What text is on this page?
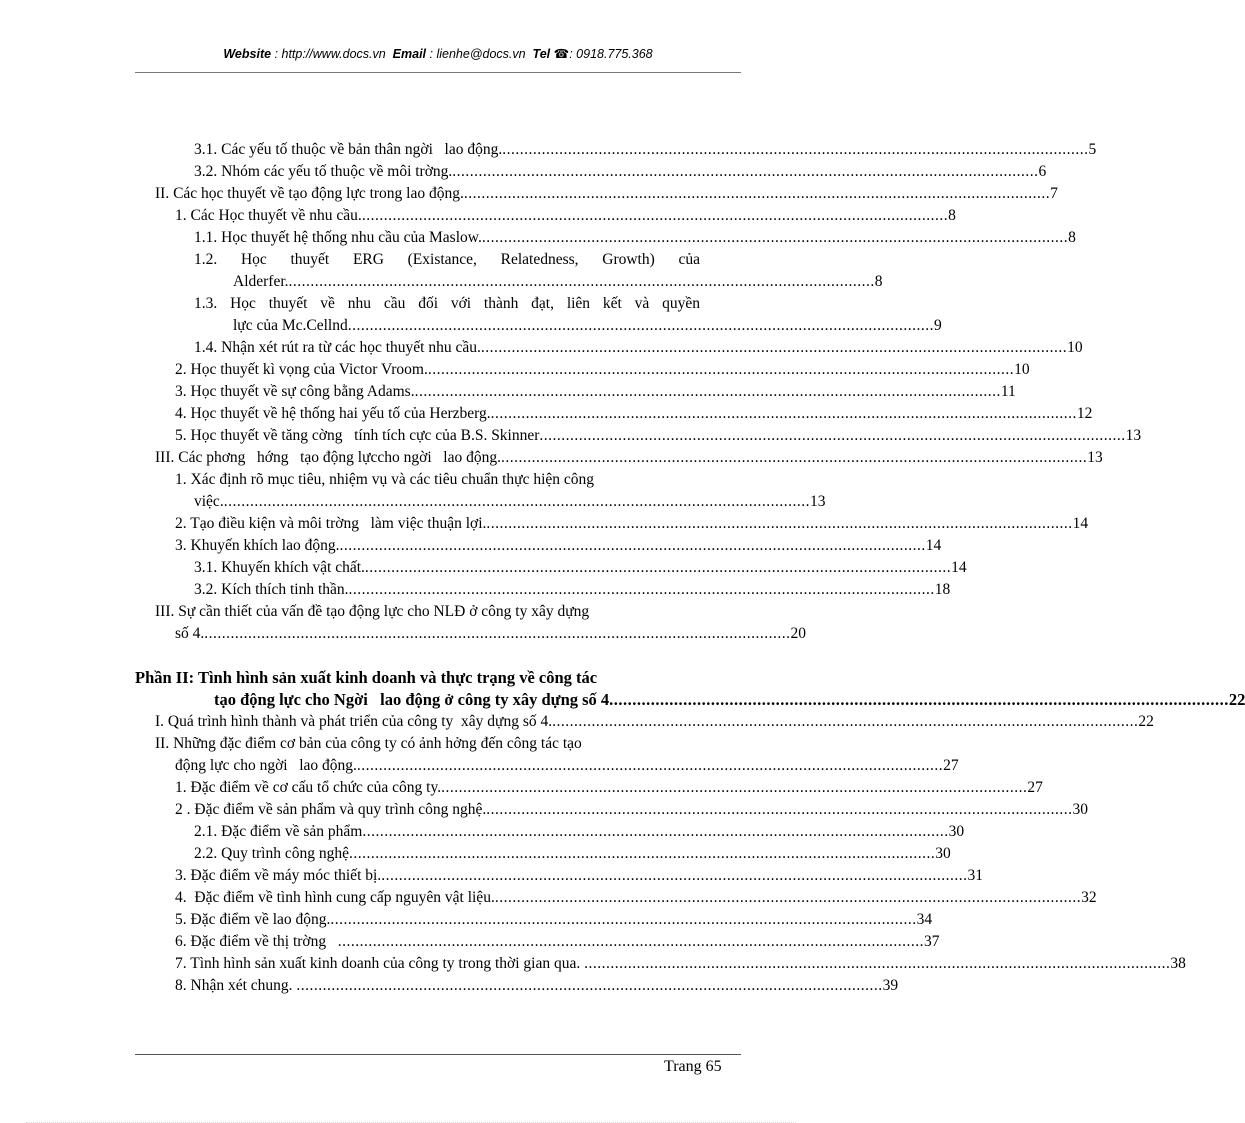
Website : http://www.docs.vn Email : lienhe@docs.vn Tel ☎: 0918.775.368
3.1. Các yếu tố thuộc về bản thân ngời   lao động. ...................................................................................................................................... 5
3.2. Nhóm các yếu tố thuộc về môi trờng. ...................................................................................................................................... 6
II. Các học thuyết về tạo động lực trong lao động. ...................................................................................................................................... 7
1. Các Học thuyết về nhu cầu. ...................................................................................................................................... 8
1.1. Học thuyết hệ thống nhu cầu của Maslow. ...................................................................................................................................... 8
1.2. Học thuyết ERG (Existance, Relatedness, Growth) của
Alderfer. ...................................................................................................................................... 8
1.3. Học thuyết về nhu cầu đối với thành đạt, liên kết và quyền
lực của Mc.Cellnd ...................................................................................................................................... 9
1.4. Nhận xét rút ra từ các học thuyết nhu cầu. ...................................................................................................................................... 10
2. Học thuyết kì vọng của Victor Vroom. ...................................................................................................................................... 10
3. Học thuyết về sự công bằng Adams. ...................................................................................................................................... 11
4. Học thuyết về hệ thống hai yếu tố của Herzberg. ...................................................................................................................................... 12
5. Học thuyết về tăng cờng   tính tích cực của B.S. Skinner ...................................................................................................................................... 13
III. Các phơng   hớng   tạo động lựccho ngời   lao động. ...................................................................................................................................... 13
1. Xác định rõ mục tiêu, nhiệm vụ và các tiêu chuẩn thực hiện công
việc. ...................................................................................................................................... 13
2. Tạo điều kiện và môi trờng   làm việc thuận lợi. ...................................................................................................................................... 14
3. Khuyến khích lao động. ...................................................................................................................................... 14
3.1. Khuyến khích vật chất. ...................................................................................................................................... 14
3.2. Kích thích tinh thần. ...................................................................................................................................... 18
III. Sự cần thiết của vấn đề tạo động lực cho NLĐ ở công ty xây dựng
số 4. ...................................................................................................................................... 20
Phần II: Tình hình sản xuất kinh doanh và thực trạng về công tác
tạo động lực cho Ngời   lao động ở công ty xây dựng số 4 ...................................................................................................................................... 22
I. Quá trình hình thành và phát triển của công ty  xây dựng số 4. ...................................................................................................................................... 22
II. Những đặc điểm cơ bản của công ty có ảnh hởng đến công tác tạo
động lực cho ngời   lao động. ...................................................................................................................................... 27
1. Đặc điểm về cơ cấu tổ chức của công ty. ...................................................................................................................................... 27
2 . Đặc điểm về sản phẩm và quy trình công nghệ. ...................................................................................................................................... 30
2.1. Đặc điểm về sản phẩm ...................................................................................................................................... 30
2.2. Quy trình công nghệ ...................................................................................................................................... 30
3. Đặc điểm về máy móc thiết bị. ...................................................................................................................................... 31
4.  Đặc điểm về tình hình cung cấp nguyên vật liệu. ...................................................................................................................................... 32
5. Đặc điểm về lao động. ...................................................................................................................................... 34
6. Đặc điểm về thị trờng ...................................................................................................................................... 37
7. Tình hình sản xuất kinh doanh của công ty trong thời gian qua. ...................................................................................................................................... 38
8. Nhận xét chung. ...................................................................................................................................... 39
Trang 65
